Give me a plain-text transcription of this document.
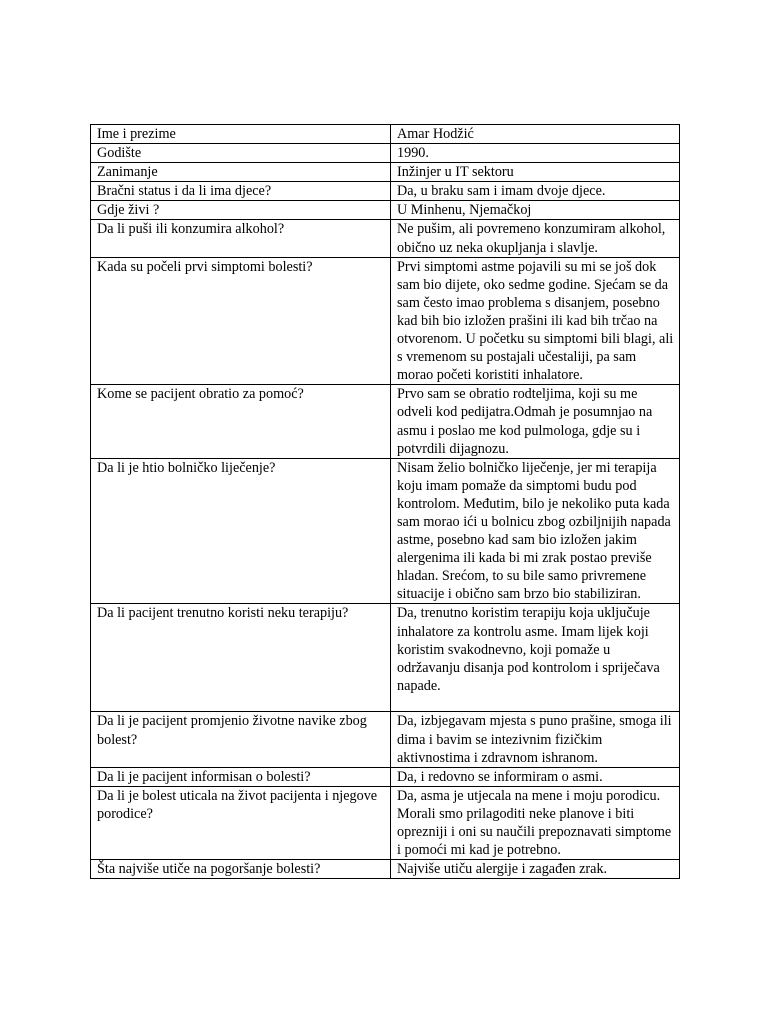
Ime i prezime	Amar Hodžić
Godište	1990.
Zanimanje	Inžinjer u IT sektoru
Bračni status i da li ima djece?	Da, u braku sam i imam dvoje djece.
Gdje živi ?	U Minhenu, Njemačkoj
Da li puši ili konzumira alkohol?	Ne pušim, ali povremeno konzumiram alkohol, obično uz neka okupljanja i slavlje.
Kada su počeli prvi simptomi bolesti?	Prvi simptomi astme pojavili su mi se još dok sam bio dijete, oko sedme godine. Sjećam se da sam često imao problema s disanjem, posebno kad bih bio izložen prašini ili kad bih trčao na otvorenom. U početku su simptomi bili blagi, ali s vremenom su postajali učestaliji, pa sam morao početi koristiti inhalatore.
Kome se pacijent obratio za pomoć?	Prvo sam se obratio rodteljima, koji su me odveli kod pedijatra.Odmah je posumnjao na asmu i poslao me kod pulmologa, gdje su i potvrdili dijagnozu.
Da li je htio bolničko liječenje?	Nisam želio bolničko liječenje, jer mi terapija koju imam pomaže da simptomi budu pod kontrolom. Međutim, bilo je nekoliko puta kada sam morao ići u bolnicu zbog ozbiljnijih napada astme, posebno kad sam bio izložen jakim alergenima ili kada bi mi zrak postao previše hladan. Srećom, to su bile samo privremene situacije i obično sam brzo bio stabiliziran.
Da li pacijent trenutno koristi neku terapiju?	Da, trenutno koristim terapiju koja uključuje inhalatore za kontrolu asme. Imam lijek koji koristim svakodnevno, koji pomaže u održavanju disanja pod kontrolom i spriječava napade.
Da li je pacijent promjenio životne navike zbog bolest?	Da, izbjegavam mjesta s puno prašine, smoga ili dima i bavim se intezivnim fizičkim aktivnostima i zdravnom ishranom.
Da li je pacijent informisan o bolesti?	Da, i redovno se informiram o asmi.
Da li je bolest uticala na život pacijenta i njegove porodice?	Da, asma je utjecala na mene i moju porodicu. Morali smo prilagoditi neke planove i biti oprezniji i oni su naučili prepoznavati simptome i pomoći mi kad je potrebno.
Šta najviše utiče na pogoršanje bolesti?	Najviše utiču alergije i zagađen zrak.
